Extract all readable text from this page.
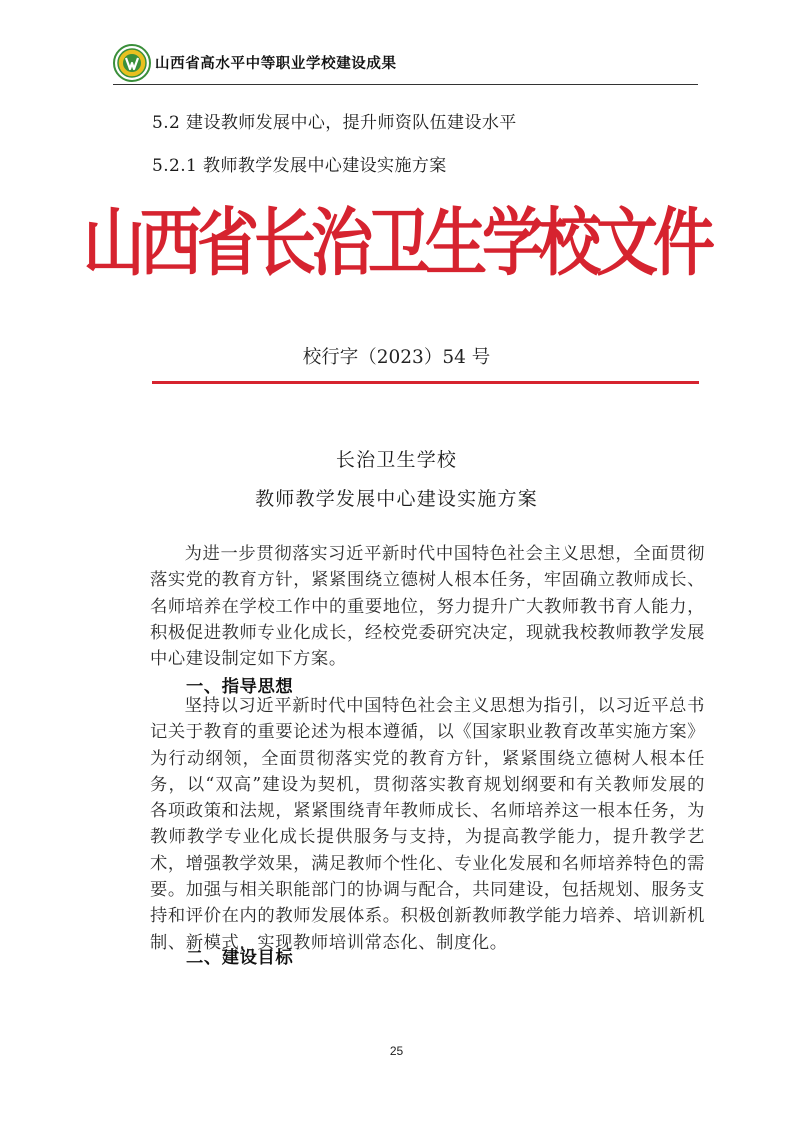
山西省高水平中等职业学校建设成果
5.2 建设教师发展中心，提升师资队伍建设水平
5.2.1 教师教学发展中心建设实施方案
山西省长治卫生学校文件
校行字（2023）54 号
长治卫生学校
教师教学发展中心建设实施方案

为进一步贯彻落实习近平新时代中国特色社会主义思想，全面贯彻落实党的教育方针，紧紧围绕立德树人根本任务，牢固确立教师成长、名师培养在学校工作中的重要地位，努力提升广大教师教书育人能力，积极促进教师专业化成长，经校党委研究决定，现就我校教师教学发展中心建设制定如下方案。

一、指导思想

坚持以习近平新时代中国特色社会主义思想为指引，以习近平总书记关于教育的重要论述为根本遵循，以《国家职业教育改革实施方案》为行动纲领，全面贯彻落实党的教育方针，紧紧围绕立德树人根本任务，以“双高”建设为契机，贯彻落实教育规划纲要和有关教师发展的各项政策和法规，紧紧围绕青年教师成长、名师培养这一根本任务，为教师教学专业化成长提供服务与支持，为提高教学能力，提升教学艺术，增强教学效果，满足教师个性化、专业化发展和名师培养特色的需要。加强与相关职能部门的协调与配合，共同建设，包括规划、服务支持和评价在内的教师发展体系。积极创新教师教学能力培养、培训新机制、新模式，实现教师培训常态化、制度化。

二、建设目标
25
